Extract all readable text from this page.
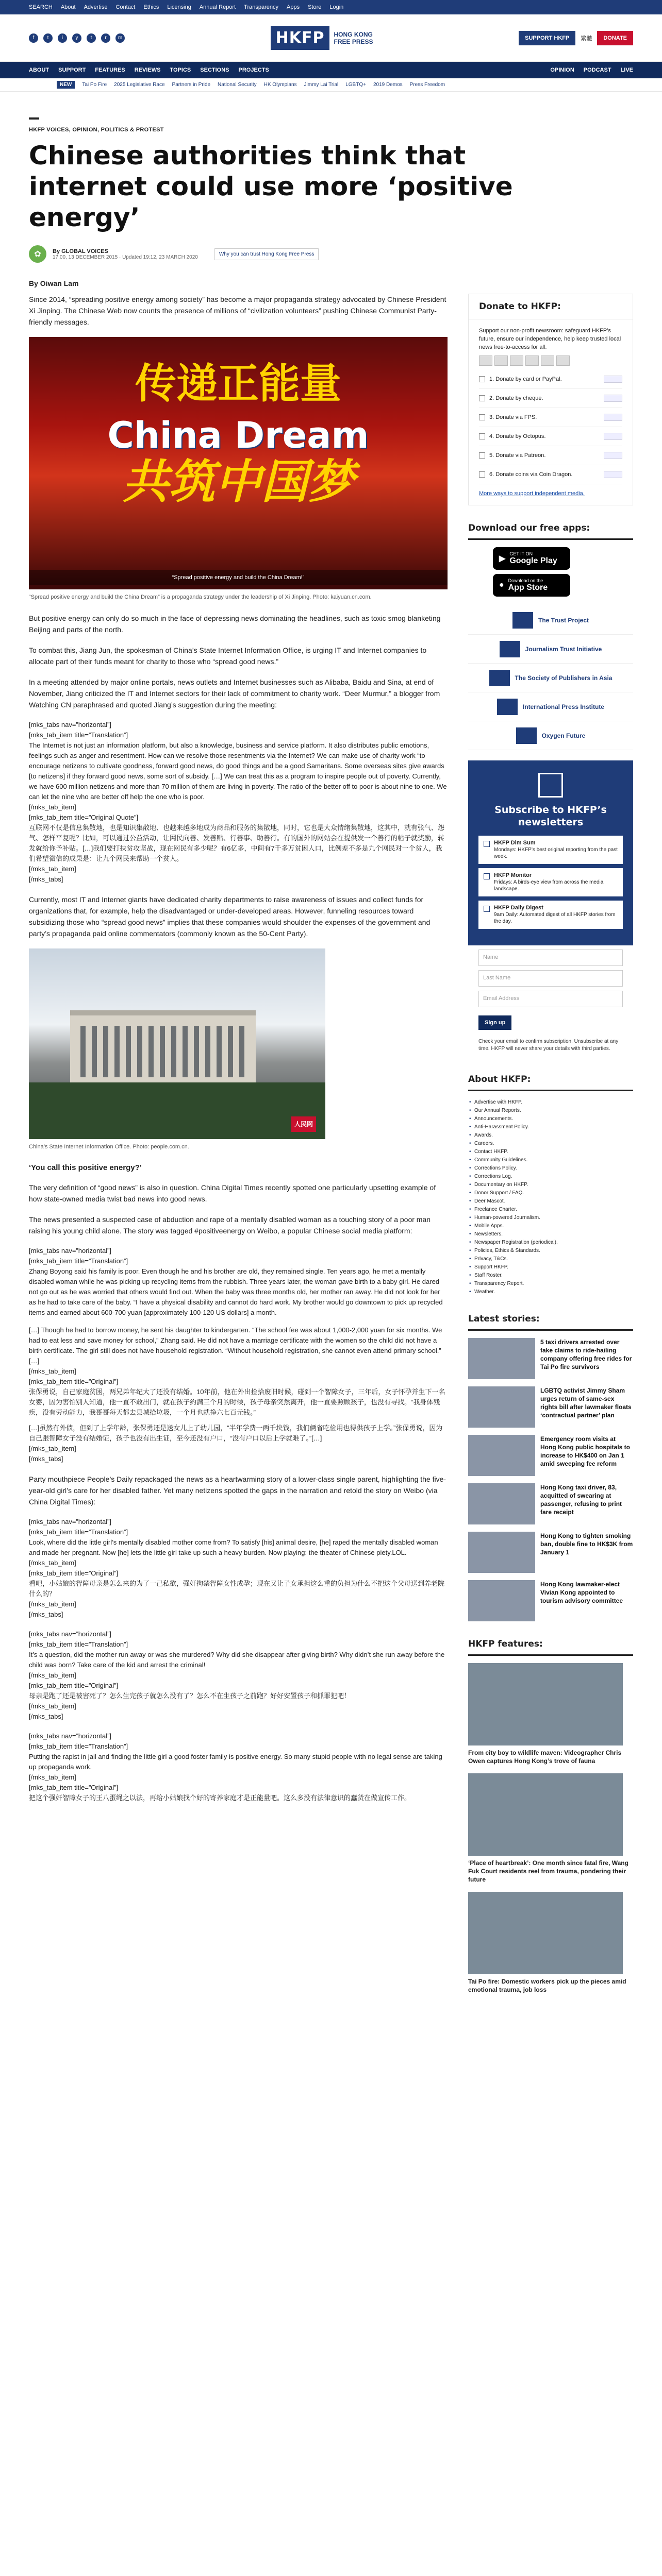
SEARCH About Advertise Contact Ethics Licensing Annual Report Transparency Apps Store Login
f	t	i	y	t	r	m	HKFP	HONG KONG
FREE PRESS	SUPPORT HKFP	繁體	DONATE
ABOUT SUPPORT FEATURES REVIEWS TOPICS SECTIONS PROJECTS	OPINION PODCAST LIVE
NEW	Tai Po Fire 2025 Legislative Race Partners in Pride National Security HK Olympians Jimmy Lai Trial LGBTQ+ 2019 Demos Press Freedom
HKFP VOICES, OPINION, POLITICS & PROTEST
Chinese authorities think that internet could use more ‘positive energy’
✿	By GLOBAL VOICES
17:00, 13 DECEMBER 2015 · Updated 19:12, 23 MARCH 2020
Why you can trust Hong Kong Free Press
By Oiwan Lam

Since 2014, “spreading positive energy among society” has become a major propaganda strategy advocated by Chinese President Xi Jinping. The Chinese Web now counts the presence of millions of “civilization volunteers” pushing Chinese Communist Party-friendly messages.

传递正能量
China Dream
共筑中国梦
“Spread positive energy and build the China Dream!”
“Spread positive energy and build the China Dream” is a propaganda strategy under the leadership of Xi Jinping. Photo: kaiyuan.cn.com.

But positive energy can only do so much in the face of depressing news dominating the headlines, such as toxic smog blanketing Beijing and parts of the north.

To combat this, Jiang Jun, the spokesman of China’s State Internet Information Office, is urging IT and Internet companies to allocate part of their funds meant for charity to those who “spread good news.”

In a meeting attended by major online portals, news outlets and Internet businesses such as Alibaba, Baidu and Sina, at end of November, Jiang criticized the IT and Internet sectors for their lack of commitment to charity work. “Deer Murmur,” a blogger from Watching CN paraphrased and quoted Jiang’s suggestion during the meeting:

[mks_tabs nav=”horizontal”]

[mks_tab_item title=”Translation”]

The Internet is not just an information platform, but also a knowledge, business and service platform. It also distributes public emotions, feelings such as anger and resentment. How can we resolve those resentments via the Internet? We can make use of charity work “to encourage netizens to cultivate goodness, forward good news, do good things and be a good Samaritans. Some overseas sites give awards [to netizens] if they forward good news, some sort of subsidy. […] We can treat this as a program to inspire people out of poverty. Currently, we have 600 million netizens and more than 70 million of them are living in poverty. The ratio of the better off to poor is about nine to one. We can let the nine who are better off help the one who is poor.

[/mks_tab_item]

[mks_tab_item title=”Original Quote”]

互联网不仅是信息集散地，也是知识集散地、也越来越多地成为商品和服务的集散地，同时，它也是大众情绪集散地，这其中，就有张气、怨气、怎样平复呢？比如，可以通过公益活动，让网民向善、发善贴、行善事、助善行。有的国外的网站会在提供发一个善行的帖子就奖励，转发就给你予补贴。[…]我们要打扶贫攻坚战，现在网民有多少呢？有6亿多，中间有7千多万贫困人口，比例差不多是九个网民对一个贫人，我们希望微信的成果是：让九个网民来帮助一个贫人。

[/mks_tab_item]

[/mks_tabs]

Currently, most IT and Internet giants have dedicated charity departments to raise awareness of issues and collect funds for organizations that, for example, help the disadvantaged or under-developed areas. However, funneling resources toward subsidizing those who “spread good news” implies that these companies would shoulder the expenses of the government and party’s propaganda paid online commentators (commonly known as the 50-Cent Party).

人民网
China’s State Internet Information Office. Photo: people.com.cn.
‘You call this positive energy?’

The very definition of “good news” is also in question. China Digital Times recently spotted one particularly upsetting example of how state-owned media twist bad news into good news.

The news presented a suspected case of abduction and rape of a mentally disabled woman as a touching story of a poor man raising his young child alone. The story was tagged #positiveenergy on Weibo, a popular Chinese social media platform:

[mks_tabs nav=”horizontal”]

[mks_tab_item title=”Translation”]

Zhang Boyong said his family is poor. Even though he and his brother are old, they remained single. Ten years ago, he met a mentally disabled woman while he was picking up recycling items from the rubbish. Three years later, the woman gave birth to a baby girl. He dared not go out as he was worried that others would find out. When the baby was three months old, her mother ran away. He did not look for her as he had to take care of the baby. “I have a physical disability and cannot do hard work. My brother would go downtown to pick up recycled items and earned about 600-700 yuan [approximately 100-120 US dollars] a month.

[…] Though he had to borrow money, he sent his daughter to kindergarten. “The school fee was about 1,000-2,000 yuan for six months. We had to eat less and save money for school,” Zhang said. He did not have a marriage certificate with the women so the child did not have a birth certificate. The girl still does not have household registration. “Without household registration, she cannot even attend primary school.” […]

[/mks_tab_item]

[mks_tab_item title=”Original”]

张保勇说，自己家庭贫困，两兄弟年纪大了还没有结婚。10年前，他在外出捡拾废旧时候，碰到一个智障女子，三年后，女子怀孕并生下一名女婴，因为害怕别人知道，他一直不敢出门，就在孩子约满三个月的时候，孩子母亲突然离开，他一直要照顾孩子，也没有寻找。“我身体残疾，没有劳动能力，我哥哥每天都去县城拾垃圾，一个月也就挣六七百元钱。”

[…]虽然有外债，但到了上学年龄，张保勇还是送女儿上了幼儿园，“半年学费一两千块钱，我们俩省吃俭用也得供孩子上学。”张保勇说，因为自己跟智障女子没有结婚证，孩子也没有出生证，至今还没有户口，“没有户口以后上学就难了。”[…]

[/mks_tab_item]

[/mks_tabs]

Party mouthpiece People’s Daily repackaged the news as a heartwarming story of a lower-class single parent, highlighting the five-year-old girl’s care for her disabled father. Yet many netizens spotted the gaps in the narration and retold the story on Weibo (via China Digital Times):

[mks_tabs nav=”horizontal”]

[mks_tab_item title=”Translation”]

Look, where did the little girl’s mentally disabled mother come from? To satisfy [his] animal desire, [he] raped the mentally disabled woman and made her pregnant. Now [he] lets the little girl take up such a heavy burden. Now playing: the theater of Chinese piety.LOL.

[/mks_tab_item]

[mks_tab_item title=”Original”]

看吧，小姑娘的智障母亲是怎么来的为了一己私欲，强奸拘禁智障女性成孕；现在又让子女承担这么重的负担为什么不把这个父母送到养老院什么的？

[/mks_tab_item]

[/mks_tabs]

[mks_tabs nav=”horizontal”]

[mks_tab_item title=”Translation”]

It’s a question, did the mother run away or was she murdered? Why did she disappear after giving birth? Why didn’t she run away before the child was born? Take care of the kid and arrest the criminal!

[/mks_tab_item]

[mks_tab_item title=”Original”]

母亲是跑了还是被害死了？怎么生完孩子就怎么没有了？怎么不在生孩子之前跑？好好安置孩子和抓罪犯吧！

[/mks_tab_item]

[/mks_tabs]

[mks_tabs nav=”horizontal”]

[mks_tab_item title=”Translation”]

Putting the rapist in jail and finding the little girl a good foster family is positive energy. So many stupid people with no legal sense are taking up propaganda work.

[/mks_tab_item]

[mks_tab_item title=”Original”]

把这个强奸智障女子的王八蛋绳之以法，再给小姑娘找个好的寄养家庭才是正能量吧。这么多没有法律意识的蠢货在做宣传工作。

Donate to HKFP:
Support our non-profit newsroom: safeguard HKFP’s future, ensure our independence, help keep trusted local news free-to-access for all.
1. Donate by card or PayPal.
2. Donate by cheque.
3. Donate via FPS.
4. Donate by Octopus.
5. Donate via Patreon.
6. Donate coins via Coin Dragon.
More ways to support independent media.
Download our free apps:
▶
GET IT ON
Google Play
● Download on the
App Store
The Trust Project
Journalism Trust Initiative
The Society of Publishers in Asia
International Press Institute
Oxygen Future
Subscribe to HKFP’s newsletters
HKFP Dim Sum
Mondays: HKFP’s best original reporting from the past week.
HKFP Monitor
Fridays: A birds-eye view from across the media landscape.
HKFP Daily Digest
9am Daily: Automated digest of all HKFP stories from the day.
Name
Last Name
Email Address
Sign up
Check your email to confirm subscription. Unsubscribe at any time. HKFP will never share your details with third parties.
About HKFP:
• Advertise with HKFP.
• Our Annual Reports.
• Announcements.
• Anti-Harassment Policy.
• Awards.
• Careers.
• Contact HKFP.
• Community Guidelines.
• Corrections Policy.
• Corrections Log.
• Documentary on HKFP.
• Donor Support / FAQ.
• Deer Mascot.
• Freelance Charter.
• Human-powered Journalism.
• Mobile Apps.
• Newsletters.
• Newspaper Registration (periodical).
• Policies, Ethics & Standards.
• Privacy, T&Cs.
• Support HKFP.
• Staff Roster.
• Transparency Report.
• Weather.
Latest stories:
5 taxi drivers arrested over fake claims to ride-hailing company offering free rides for Tai Po fire survivors
LGBTQ activist Jimmy Sham urges return of same-sex rights bill after lawmaker floats ‘contractual partner’ plan
Emergency room visits at Hong Kong public hospitals to increase to HK$400 on Jan 1 amid sweeping fee reform
Hong Kong taxi driver, 83, acquitted of swearing at passenger, refusing to print fare receipt
Hong Kong to tighten smoking ban, double fine to HK$3K from January 1
Hong Kong lawmaker-elect Vivian Kong appointed to tourism advisory committee
HKFP features:
From city boy to wildlife maven: Videographer Chris Owen captures Hong Kong’s trove of fauna
‘Place of heartbreak’: One month since fatal fire, Wang Fuk Court residents reel from trauma, pondering their future
Tai Po fire: Domestic workers pick up the pieces amid emotional trauma, job loss
